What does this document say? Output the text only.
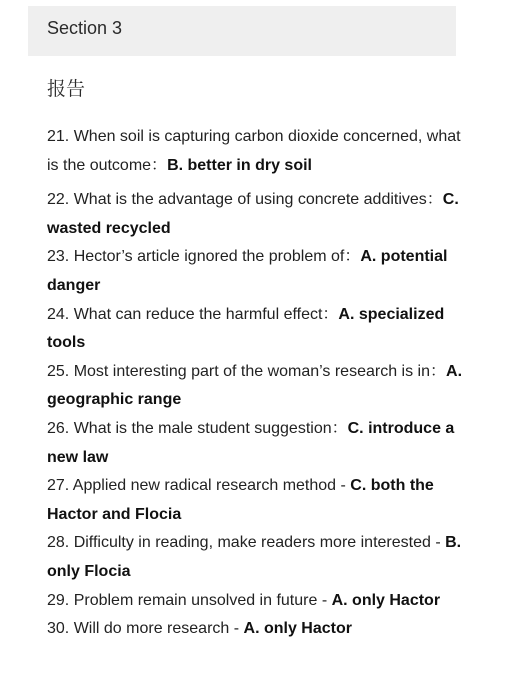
Section 3
报告

21. When soil is capturing carbon dioxide concerned, what is the outcome：B. better in dry soil

22. What is the advantage of using concrete additives：C. wasted recycled

23. Hector’s article ignored the problem of：A. potential danger

24. What can reduce the harmful effect：A. specialized tools

25. Most interesting part of the woman’s research is in：A. geographic range

26. What is the male student suggestion：C. introduce a new law

27. Applied new radical research method - C. both the Hactor and Flocia

28. Difficulty in reading, make readers more interested - B. only Flocia

29. Problem remain unsolved in future - A. only Hactor

30. Will do more research - A. only Hactor
